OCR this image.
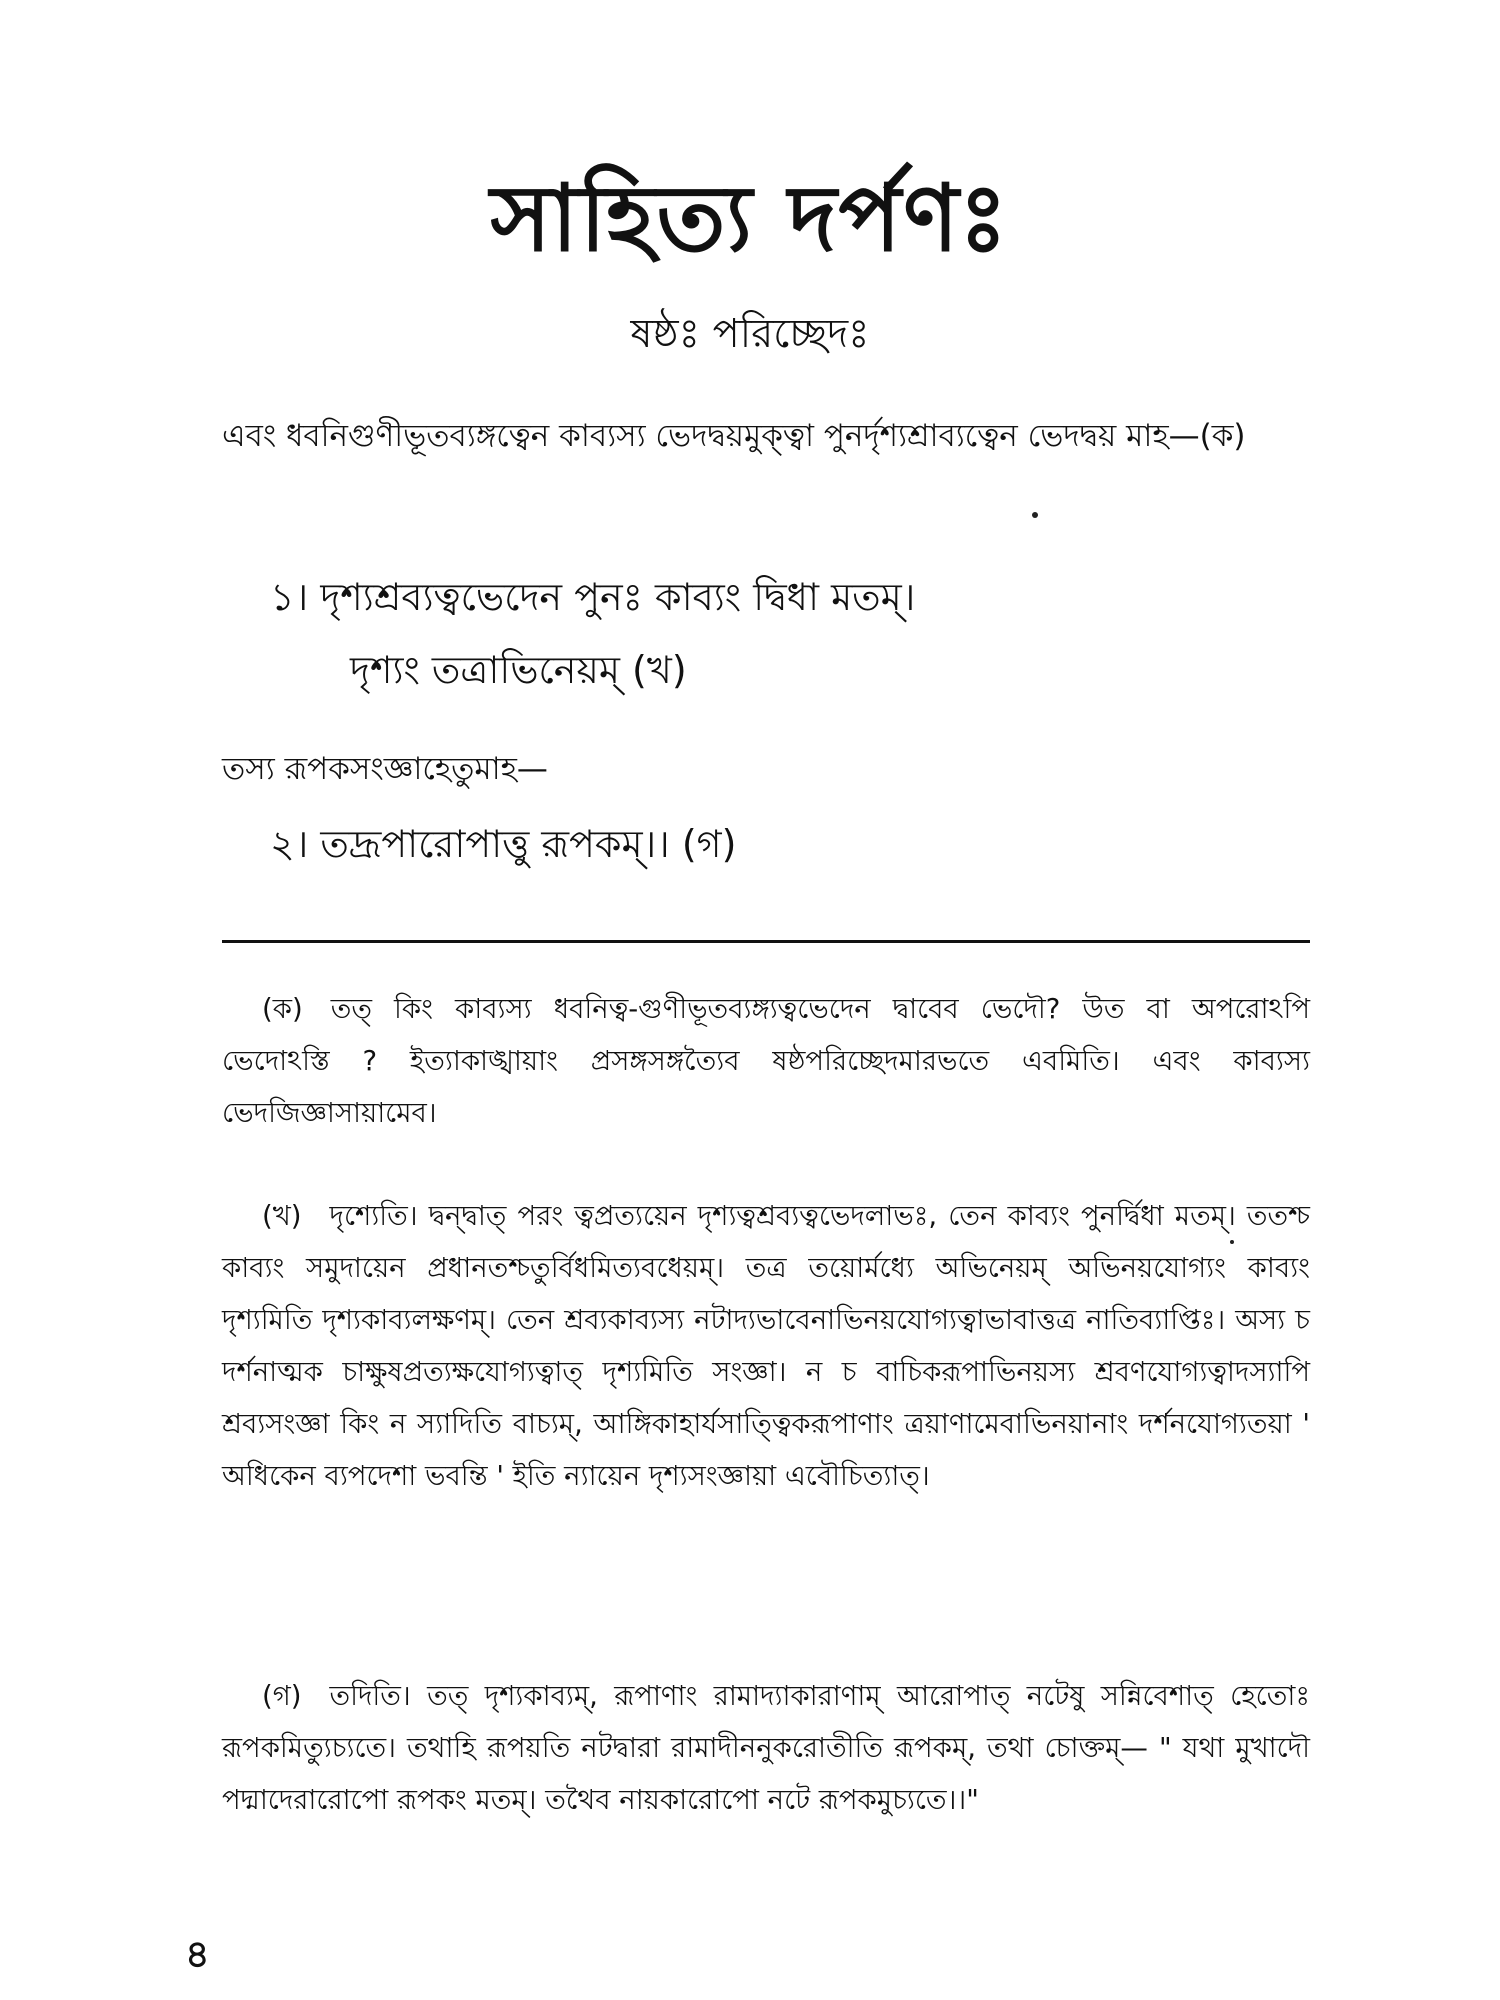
সাহিত্য দর্পণঃ
ষষ্ঠঃ পরিচ্ছেদঃ
এবং ধবনিগুণীভূতব্যঙ্গত্বেন কাব্যস্য ভেদদ্বয়মুক্ত্বা পুনর্দৃশ্যশ্রাব্যত্বেন ভেদদ্বয় মাহ—(ক)
১। দৃশ্যশ্রব্যত্বভেদেন পুনঃ কাব্যং দ্বিধা মতম্।
দৃশ্যং তত্রাভিনেয়ম্ (খ)
তস্য রূপকসংজ্ঞাহেতুমাহ—
২। তদ্রূপারোপাত্তু রূপকম্।। (গ)
(ক) তত্ কিং কাব্যস্য ধবনিত্ব-গুণীভূতব্যঙ্গ্যত্বভেদেন দ্বাবেব ভেদৌ? উত বা অপরোঽপি ভেদোঽস্তি ? ইত্যাকাঙ্খায়াং প্রসঙ্গসঙ্গত্যৈব ষষ্ঠপরিচ্ছেদমারভতে এবমিতি। এবং কাব্যস্য ভেদজিজ্ঞাসায়ামেব।
(খ) দৃশ্যেতি। দ্বন্দ্বাত্ পরং ত্বপ্রত্যয়েন দৃশ্যত্বশ্রব্যত্বভেদলাভঃ, তেন কাব্যং পুনর্দ্বিধা মতম্। ততশ্চ কাব্যং সমুদায়েন প্রধানতশ্চতুর্বিধমিত্যবধেয়ম্। তত্র তয়োর্মধ্যে অভিনেয়ম্ অভিনয়যোগ্যং কাব্যং দৃশ্যমিতি দৃশ্যকাব্যলক্ষণম্। তেন শ্রব্যকাব্যস্য নটাদ্যভাবেনাভিনয়যোগ্যত্বাভাবাত্তত্র নাতিব্যাপ্তিঃ। অস্য চ দর্শনাত্মক চাক্ষুষপ্রত্যক্ষযোগ্যত্বাত্ দৃশ্যমিতি সংজ্ঞা। ন চ বাচিকরূপাভিনয়স্য শ্রবণযোগ্যত্বাদস্যাপি শ্রব্যসংজ্ঞা কিং ন স্যাদিতি বাচ্যম্, আঙ্গিকাহার্যসাত্ত্বিকরূপাণাং ত্রয়াণামেবাভিনয়ানাং দর্শনযোগ্যতয়া ' অধিকেন ব্যপদেশা ভবন্তি ' ইতি ন্যায়েন দৃশ্যসংজ্ঞায়া এবৌচিত্যাত্।
(গ) তদিতি। তত্ দৃশ্যকাব্যম্, রূপাণাং রামাদ্যাকারাণাম্ আরোপাত্ নটেষু সন্নিবেশাত্ হেতোঃ রূপকমিত্যুচ্যতে। তথাহি রূপয়তি নটদ্বারা রামাদীননুকরোতীতি রূপকম্, তথা চোক্তম্— " যথা মুখাদৌ পদ্মাদেরারোপো রূপকং মতম্। তথৈব নায়কারোপো নটে রূপকমুচ্যতে।।"
৪
